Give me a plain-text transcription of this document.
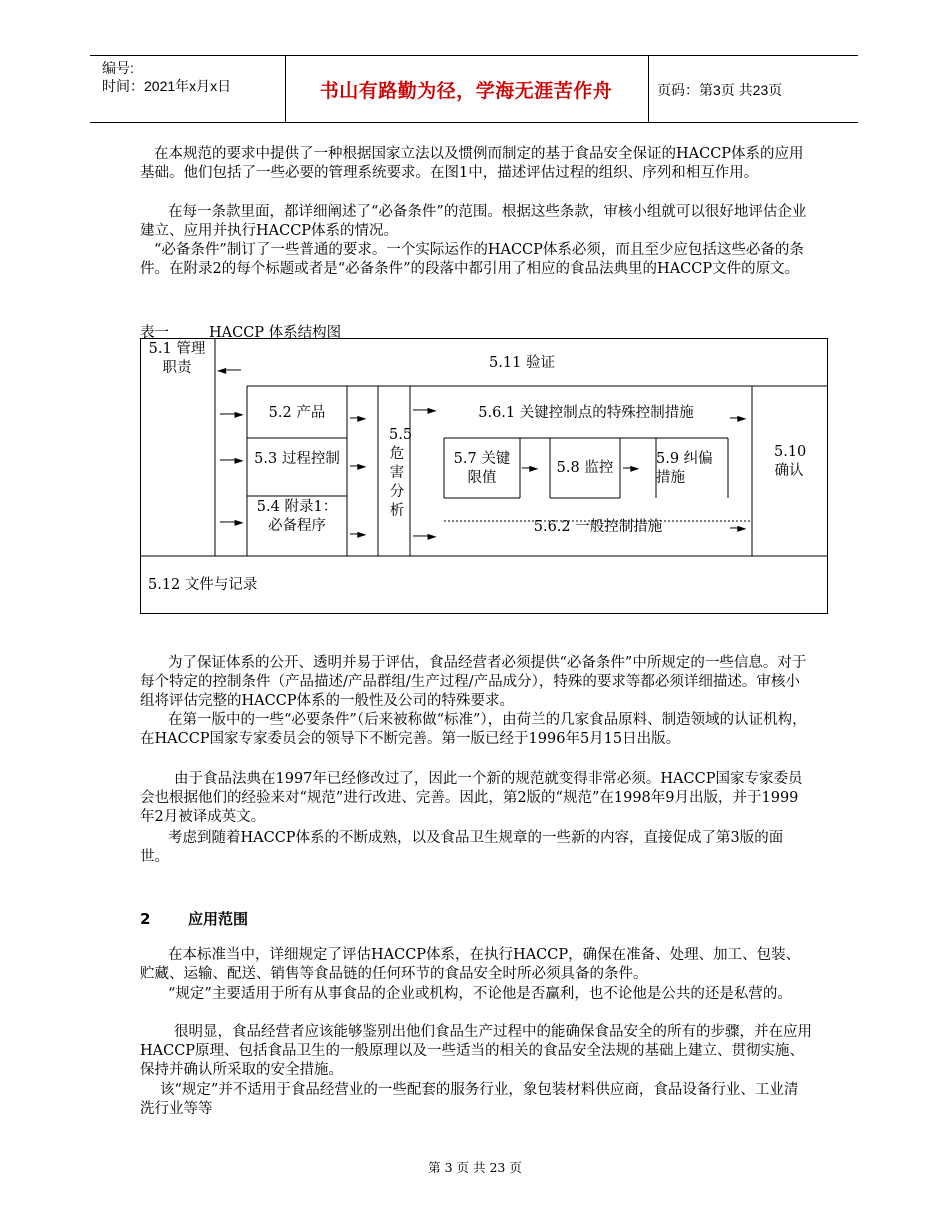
编号:
时间：2021年x月x日	书山有路勤为径，学海无涯苦作舟	页码：第3页 共23页

在本规范的要求中提供了一种根据国家立法以及惯例而制定的基于食品安全保证的HACCP体系的应用基础。他们包括了一些必要的管理系统要求。在图1中，描述评估过程的组织、序列和相互作用。

在每一条款里面，都详细阐述了“必备条件”的范围。根据这些条款，审核小组就可以很好地评估企业建立、应用并执行HACCP体系的情况。

“必备条件”制订了一些普通的要求。一个实际运作的HACCP体系必须，而且至少应包括这些必备的条件。在附录2的每个标题或者是“必备条件”的段落中都引用了相应的食品法典里的HACCP文件的原文。

表一	HACCP 体系结构图
5.1 管理职责	5.11 验证
5.2 产品
5.3 过程控制
5.4 附录1：必备程序
5.5危害分析
5.6.1 关键控制点的特殊控制措施
5.7 关键限值
5.8 监控
5.9 纠偏措施
5.6.2 一般控制措施
5.10确认
5.12 文件与记录
◄──
──►
──►
──►
─►
─►
─►
──►
──►
─►	─►
─►
─►

为了保证体系的公开、透明并易于评估，食品经营者必须提供“必备条件”中所规定的一些信息。对于每个特定的控制条件（产品描述/产品群组/生产过程/产品成分），特殊的要求等都必须详细描述。审核小组将评估完整的HACCP体系的一般性及公司的特殊要求。

在第一版中的一些“必要条件”（后来被称做“标准”），由荷兰的几家食品原料、制造领域的认证机构，在HACCP国家专家委员会的领导下不断完善。第一版已经于1996年5月15日出版。

由于食品法典在1997年已经修改过了，因此一个新的规范就变得非常必须。HACCP国家专家委员会也根据他们的经验来对“规范”进行改进、完善。因此，第2版的“规范”在1998年9月出版，并于1999年2月被译成英文。

考虑到随着HACCP体系的不断成熟，以及食品卫生规章的一些新的内容，直接促成了第3版的面世。

2	应用范围

在本标准当中，详细规定了评估HACCP体系，在执行HACCP，确保在准备、处理、加工、包装、贮藏、运输、配送、销售等食品链的任何环节的食品安全时所必须具备的条件。

“规定”主要适用于所有从事食品的企业或机构，不论他是否赢利，也不论他是公共的还是私营的。

很明显，食品经营者应该能够鉴别出他们食品生产过程中的能确保食品安全的所有的步骤，并在应用HACCP原理、包括食品卫生的一般原理以及一些适当的相关的食品安全法规的基础上建立、贯彻实施、保持并确认所采取的安全措施。

该“规定”并不适用于食品经营业的一些配套的服务行业，象包装材料供应商，食品设备行业、工业清洗行业等等

第 3 页 共 23 页
